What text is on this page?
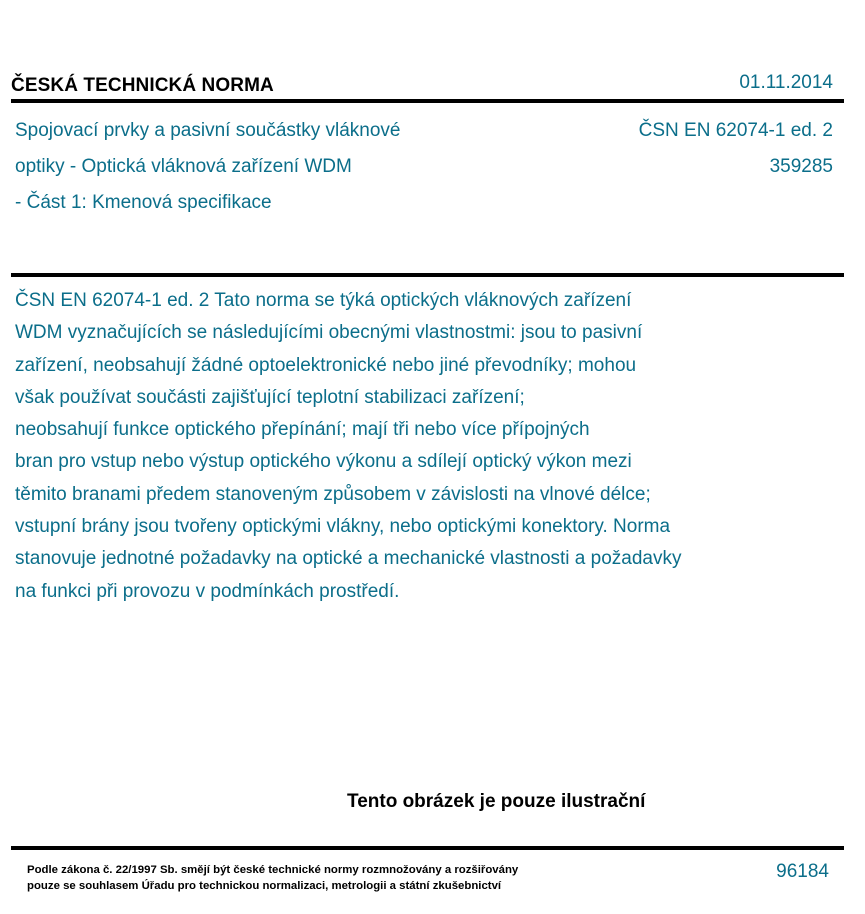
ČESKÁ TECHNICKÁ NORMA	01.11.2014
Spojovací prvky a pasivní součástky vláknové
optiky - Optická vláknová zařízení WDM
- Část 1: Kmenová specifikace
ČSN EN 62074-1 ed. 2
359285
ČSN EN 62074-1 ed. 2 Tato norma se týká optických vláknových zařízení
WDM vyznačujících se následujícími obecnými vlastnostmi: jsou to pasivní
zařízení, neobsahují žádné optoelektronické nebo jiné převodníky; mohou
však používat součásti zajišťující teplotní stabilizaci zařízení;
neobsahují funkce optického přepínání; mají tři nebo více přípojných
bran pro vstup nebo výstup optického výkonu a sdílejí optický výkon mezi
těmito branami předem stanoveným způsobem v závislosti na vlnové délce;
vstupní brány jsou tvořeny optickými vlákny, nebo optickými konektory. Norma
stanovuje jednotné požadavky na optické a mechanické vlastnosti a požadavky
na funkci při provozu v podmínkách prostředí.
Tento obrázek je pouze ilustrační
Podle zákona č. 22/1997 Sb. smějí být české technické normy rozmnožovány a rozšiřovány
pouze se souhlasem Úřadu pro technickou normalizaci, metrologii a státní zkušebnictví
96184
